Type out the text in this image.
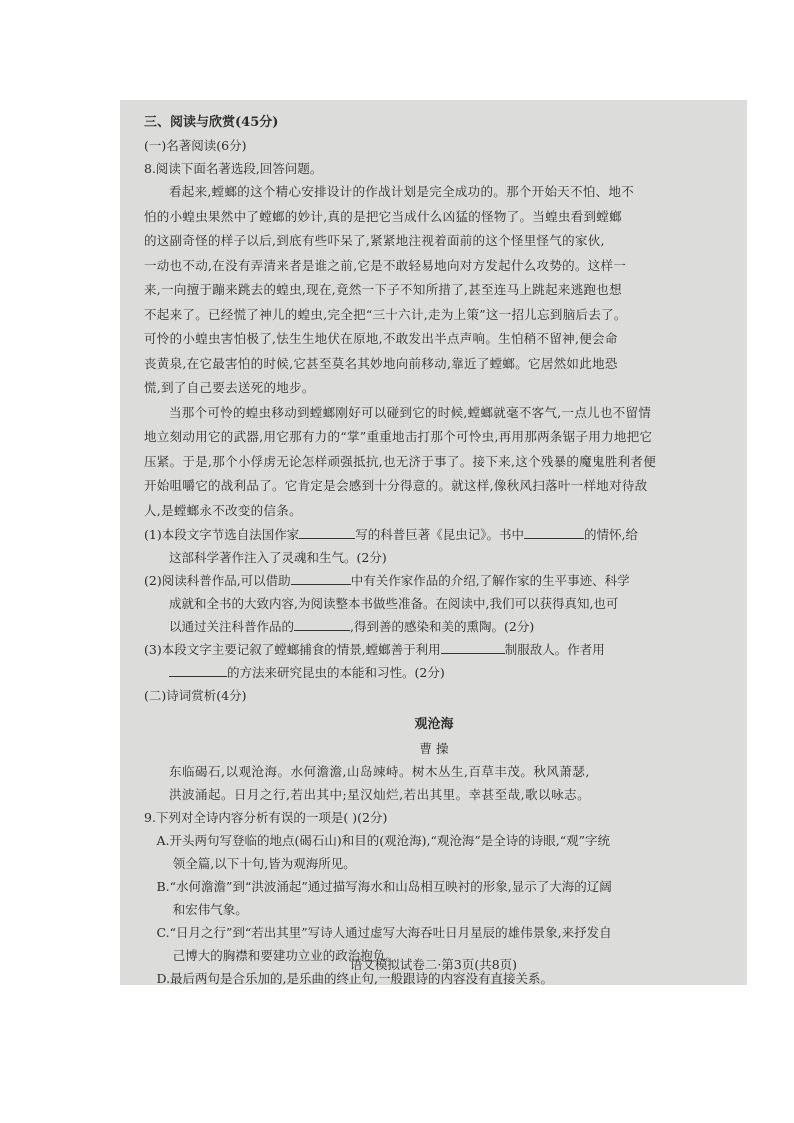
三、阅读与欣赏(45分)
(一)名著阅读(6分)
8.阅读下面名著选段,回答问题。
看起来,螳螂的这个精心安排设计的作战计划是完全成功的。那个开始天不怕、地不
怕的小蝗虫果然中了螳螂的妙计,真的是把它当成什么凶猛的怪物了。当蝗虫看到螳螂
的这副奇怪的样子以后,到底有些吓呆了,紧紧地注视着面前的这个怪里怪气的家伙,
一动也不动,在没有弄清来者是谁之前,它是不敢轻易地向对方发起什么攻势的。这样一
来,一向擅于蹦来跳去的蝗虫,现在,竟然一下子不知所措了,甚至连马上跳起来逃跑也想
不起来了。已经慌了神儿的蝗虫,完全把“三十六计,走为上策”这一招儿忘到脑后去了。
可怜的小蝗虫害怕极了,怯生生地伏在原地,不敢发出半点声响。生怕稍不留神,便会命
丧黄泉,在它最害怕的时候,它甚至莫名其妙地向前移动,靠近了螳螂。它居然如此地恐
慌,到了自己要去送死的地步。
当那个可怜的蝗虫移动到螳螂刚好可以碰到它的时候,螳螂就毫不客气,一点儿也不留情
地立刻动用它的武器,用它那有力的“掌”重重地击打那个可怜虫,再用那两条锯子用力地把它
压紧。于是,那个小俘虏无论怎样顽强抵抗,也无济于事了。接下来,这个残暴的魔鬼胜利者便
开始咀嚼它的战利品了。它肯定是会感到十分得意的。就这样,像秋风扫落叶一样地对待敌
人,是螳螂永不改变的信条。
(1)本段文字节选自法国作家	写的科普巨著《昆虫记》。书中	的情怀,给
这部科学著作注入了灵魂和生气。(2分)
(2)阅读科普作品,可以借助	中有关作家作品的介绍,了解作家的生平事迹、科学
成就和全书的大致内容,为阅读整本书做些准备。在阅读中,我们可以获得真知,也可
以通过关注科普作品的	,得到善的感染和美的熏陶。(2分)
(3)本段文字主要记叙了螳螂捕食的情景,螳螂善于利用	制服敌人。作者用
的方法来研究昆虫的本能和习性。(2分)
(二)诗词赏析(4分)
观沧海
曹 操
东临碣石,以观沧海。水何澹澹,山岛竦峙。树木丛生,百草丰茂。秋风萧瑟,
洪波涌起。日月之行,若出其中;星汉灿烂,若出其里。幸甚至哉,歌以咏志。
9.下列对全诗内容分析有误的一项是( )(2分)
A.开头两句写登临的地点(碣石山)和目的(观沧海),“观沧海”是全诗的诗眼,“观”字统
领全篇,以下十句,皆为观海所见。
B.“水何澹澹”到“洪波涌起”通过描写海水和山岛相互映衬的形象,显示了大海的辽阔
和宏伟气象。
C.“日月之行”到“若出其里”写诗人通过虚写大海吞吐日月星辰的雄伟景象,来抒发自
己博大的胸襟和要建功立业的政治抱负。
D.最后两句是合乐加的,是乐曲的终止句,一般跟诗的内容没有直接关系。
语文模拟试卷二·第3页(共8页)
